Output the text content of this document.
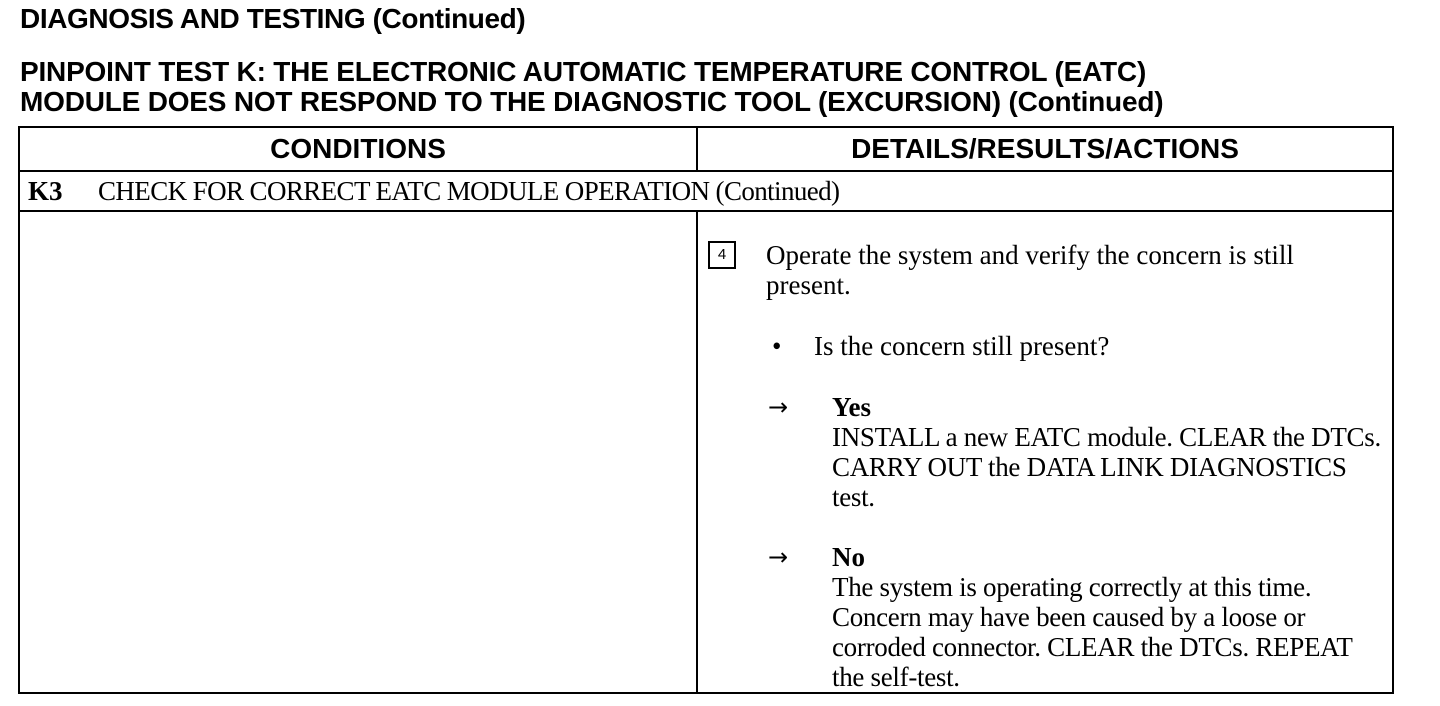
DIAGNOSIS AND TESTING (Continued)
PINPOINT TEST K: THE ELECTRONIC AUTOMATIC TEMPERATURE CONTROL (EATC)
MODULE DOES NOT RESPOND TO THE DIAGNOSTIC TOOL (EXCURSION) (Continued)
CONDITIONS	DETAILS/RESULTS/ACTIONS
K3 CHECK FOR CORRECT EATC MODULE OPERATION (Continued)
4	Operate the system and verify the concern is still present.
• Is the concern still present?
→ Yes
INSTALL a new EATC module. CLEAR the DTCs. CARRY OUT the DATA LINK DIAGNOSTICS test.
→ No
The system is operating correctly at this time. Concern may have been caused by a loose or corroded connector. CLEAR the DTCs. REPEAT the self-test.
